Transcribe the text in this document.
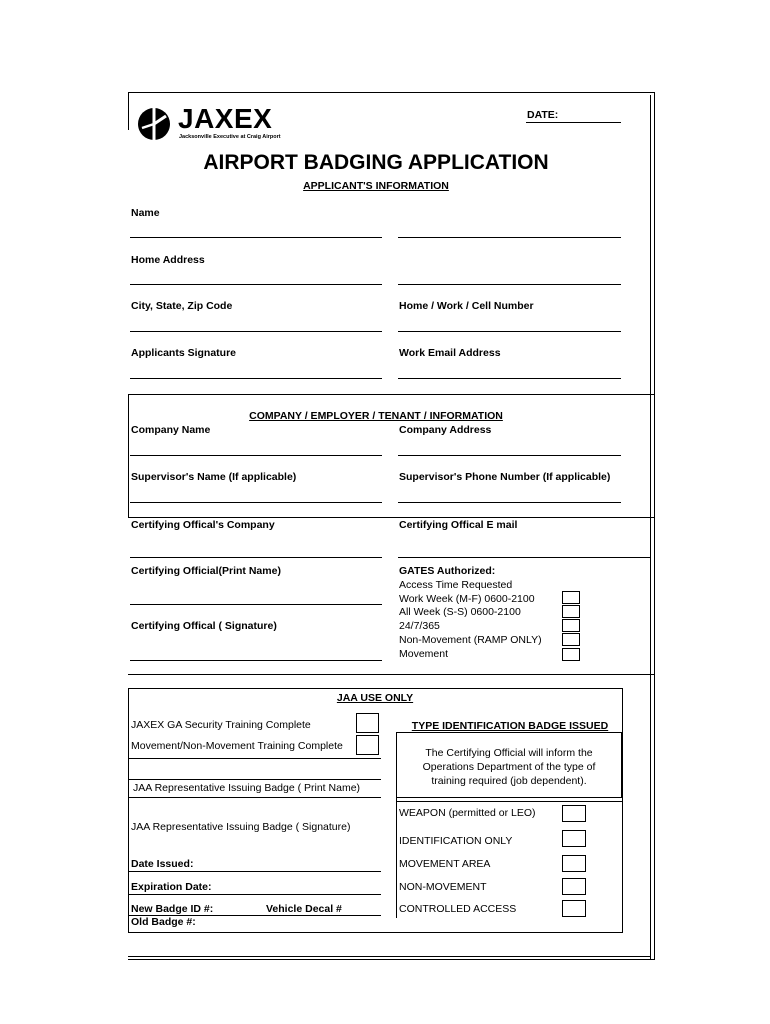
JAXEX
Jacksonville Executive at Craig Airport
DATE:
AIRPORT BADGING APPLICATION
APPLICANT'S INFORMATION
Name
Home Address
City, State, Zip Code	Home / Work / Cell Number
Applicants Signature	Work Email Address
COMPANY / EMPLOYER / TENANT / INFORMATION
Company Name	Company Address
Supervisor's Name (If applicable)	Supervisor's Phone Number (If applicable)
Certifying Offical's Company	Certifying Offical E mail
Certifying Official(Print Name)
Certifying Offical ( Signature)
GATES Authorized:
Access Time Requested
Work Week (M-F) 0600-2100
All Week (S-S) 0600-2100
24/7/365
Non-Movement (RAMP ONLY)
Movement
JAA USE ONLY
JAXEX GA Security Training Complete
Movement/Non-Movement Training Complete
JAA Representative Issuing Badge ( Print Name)
JAA Representative Issuing Badge ( Signature)
Date Issued:
Expiration Date:
New Badge ID #:	Vehicle Decal #
Old Badge #:
TYPE IDENTIFICATION BADGE ISSUED
The Certifying Official will inform the Operations Department of the type of training required (job dependent).
WEAPON (permitted or LEO)
IDENTIFICATION ONLY
MOVEMENT AREA
NON-MOVEMENT
CONTROLLED ACCESS
